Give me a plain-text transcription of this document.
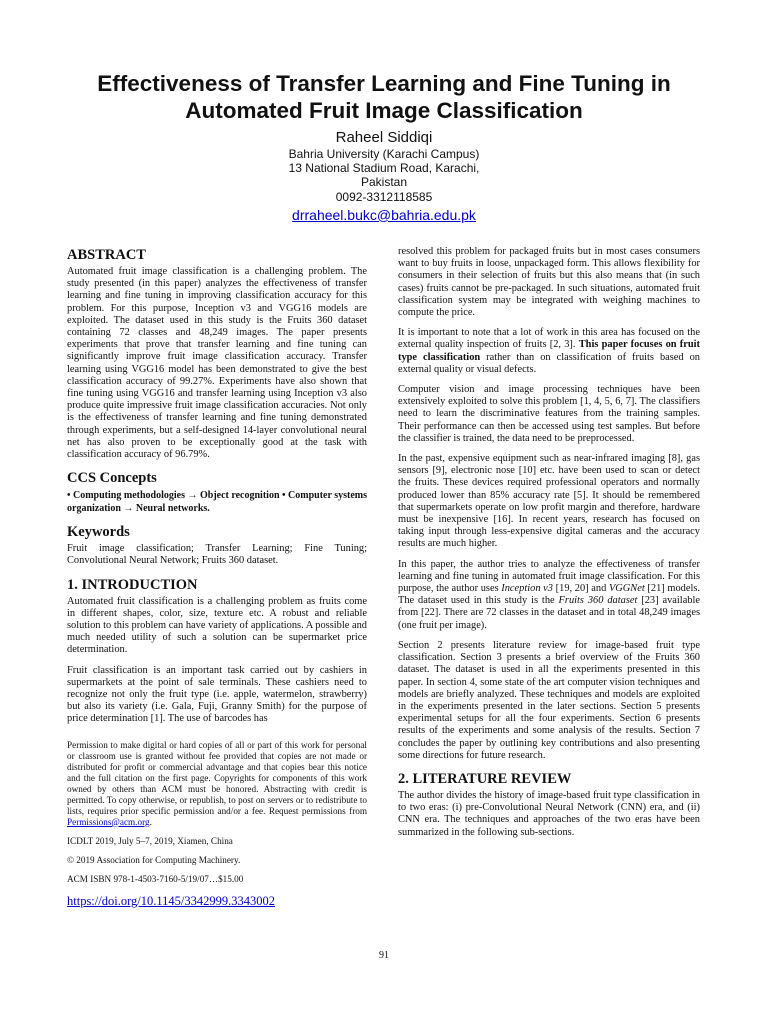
Effectiveness of Transfer Learning and Fine Tuning in Automated Fruit Image Classification
Raheel Siddiqi
Bahria University (Karachi Campus)
13 National Stadium Road, Karachi,
Pakistan
0092-3312118585
drraheel.bukc@bahria.edu.pk
ABSTRACT

Automated fruit image classification is a challenging problem. The study presented (in this paper) analyzes the effectiveness of transfer learning and fine tuning in improving classification accuracy for this problem. For this purpose, Inception v3 and VGG16 models are exploited. The dataset used in this study is the Fruits 360 dataset containing 72 classes and 48,249 images. The paper presents experiments that prove that transfer learning and fine tuning can significantly improve fruit image classification accuracy. Transfer learning using VGG16 model has been demonstrated to give the best classification accuracy of 99.27%. Experiments have also shown that fine tuning using VGG16 and transfer learning using Inception v3 also produce quite impressive fruit image classification accuracies. Not only is the effectiveness of transfer learning and fine tuning demonstrated through experiments, but a self-designed 14-layer convolutional neural net has also proven to be exceptionally good at the task with classification accuracy of 96.79%.

CCS Concepts

• Computing methodologies → Object recognition • Computer systems organization → Neural networks.

Keywords

Fruit image classification; Transfer Learning; Fine Tuning; Convolutional Neural Network; Fruits 360 dataset.

1. INTRODUCTION

Automated fruit classification is a challenging problem as fruits come in different shapes, color, size, texture etc. A robust and reliable solution to this problem can have variety of applications. A possible and much needed utility of such a solution can be supermarket price determination.

Fruit classification is an important task carried out by cashiers in supermarkets at the point of sale terminals. These cashiers need to recognize not only the fruit type (i.e. apple, watermelon, strawberry) but also its variety (i.e. Gala, Fuji, Granny Smith) for the purpose of price determination [1]. The use of barcodes has

Permission to make digital or hard copies of all or part of this work for personal or classroom use is granted without fee provided that copies are not made or distributed for profit or commercial advantage and that copies bear this notice and the full citation on the first page. Copyrights for components of this work owned by others than ACM must be honored. Abstracting with credit is permitted. To copy otherwise, or republish, to post on servers or to redistribute to lists, requires prior specific permission and/or a fee. Request permissions from Permissions@acm.org.

ICDLT 2019, July 5–7, 2019, Xiamen, China

© 2019 Association for Computing Machinery.

ACM ISBN 978-1-4503-7160-5/19/07…$15.00

https://doi.org/10.1145/3342999.3343002

resolved this problem for packaged fruits but in most cases consumers want to buy fruits in loose, unpackaged form. This allows flexibility for consumers in their selection of fruits but this also means that (in such cases) fruits cannot be pre-packaged. In such situations, automated fruit classification system may be integrated with weighing machines to compute the price.

It is important to note that a lot of work in this area has focused on the external quality inspection of fruits [2, 3]. This paper focuses on fruit type classification rather than on classification of fruits based on external quality or visual defects.

Computer vision and image processing techniques have been extensively exploited to solve this problem [1, 4, 5, 6, 7]. The classifiers need to learn the discriminative features from the training samples. Their performance can then be accessed using test samples. But before the classifier is trained, the data need to be preprocessed.

In the past, expensive equipment such as near-infrared imaging [8], gas sensors [9], electronic nose [10] etc. have been used to scan or detect the fruits. These devices required professional operators and normally produced lower than 85% accuracy rate [5]. It should be remembered that supermarkets operate on low profit margin and therefore, hardware must be inexpensive [16]. In recent years, research has focused on taking input through less-expensive digital cameras and the accuracy results are much higher.

In this paper, the author tries to analyze the effectiveness of transfer learning and fine tuning in automated fruit image classification. For this purpose, the author uses Inception v3 [19, 20] and VGGNet [21] models. The dataset used in this study is the Fruits 360 dataset [23] available from [22]. There are 72 classes in the dataset and in total 48,249 images (one fruit per image).

Section 2 presents literature review for image-based fruit type classification. Section 3 presents a brief overview of the Fruits 360 dataset. The dataset is used in all the experiments presented in this paper. In section 4, some state of the art computer vision techniques and models are briefly analyzed. These techniques and models are exploited in the experiments presented in the later sections. Section 5 presents experimental setups for all the four experiments. Section 6 presents results of the experiments and some analysis of the results. Section 7 concludes the paper by outlining key contributions and also presenting some directions for future research.

2. LITERATURE REVIEW

The author divides the history of image-based fruit type classification in to two eras: (i) pre-Convolutional Neural Network (CNN) era, and (ii) CNN era. The techniques and approaches of the two eras have been summarized in the following sub-sections.

91
